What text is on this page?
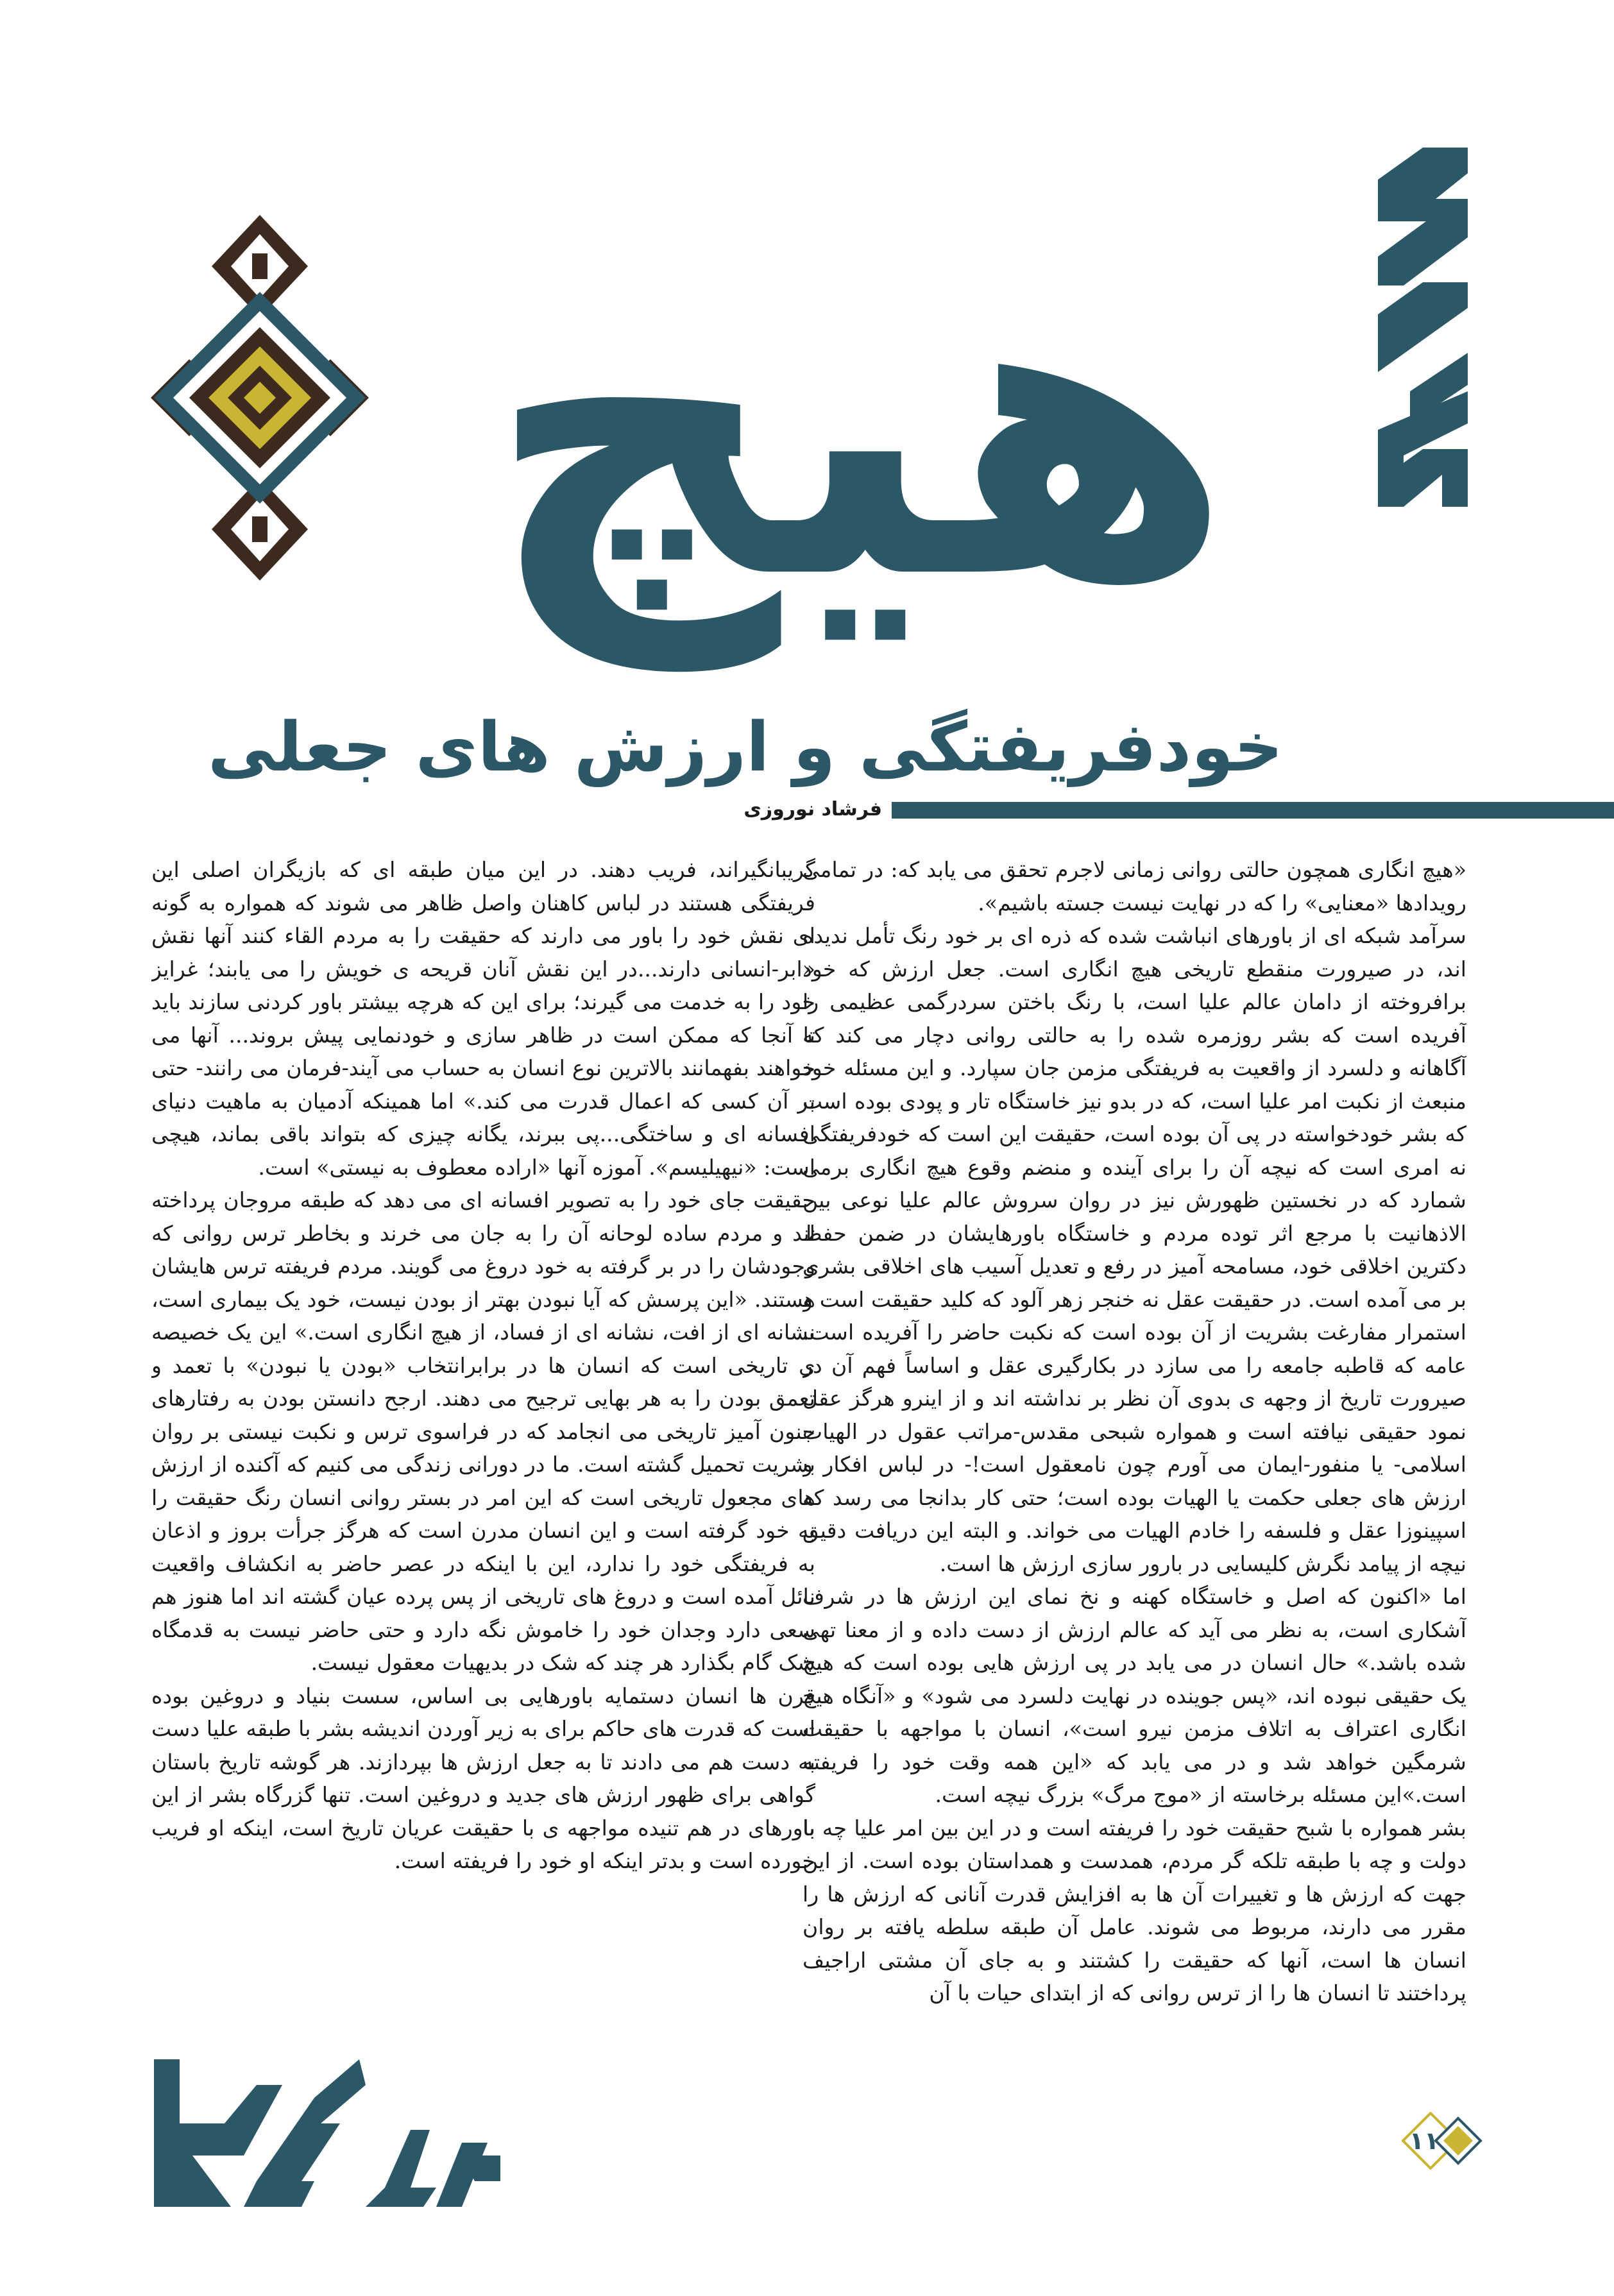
هیچ
خودفریفتگی و ارزش های جعلی
فرشاد نوروزی

«هیچ انگاری همچون حالتی روانی زمانی لاجرم تحقق می یابد که: در تمامی رویدادها «معنایی» را که در نهایت نیست جسته باشیم».

سرآمد شبکه ای از باورهای انباشت شده که ذره ای بر خود رنگ تأمل ندیده اند، در صیرورت منقطع تاریخی هیچ انگاری است. جعل ارزش که خود برافروخته از دامان عالم علیا است، با رنگ باختن سردرگمی عظیمی را آفریده است که بشر روزمره شده را به حالتی روانی دچار می کند که آگاهانه و دلسرد از واقعیت به فریفتگی مزمن جان سپارد. و این مسئله خود منبعث از نکبت امر علیا است، که در بدو نیز خاستگاه تار و پودی بوده است که بشر خودخواسته در پی آن بوده است، حقیقت این است که خودفریفتگی نه امری است که نیچه آن را برای آینده و منضم وقوع هیچ انگاری برمی شمارد که در نخستین ظهورش نیز در روان سروش عالم علیا نوعی بین الاذهانیت با مرجع اثر توده مردم و خاستگاه باورهایشان در ضمن حفظ دکترین اخلاقی خود، مسامحه آمیز در رفع و تعدیل آسیب های اخلاقی بشری بر می آمده است. در حقیقت عقل نه خنجر زهر آلود که کلید حقیقت است و استمرار مفارغت بشریت از آن بوده است که نکبت حاضر را آفریده است. عامه که قاطبه جامعه را می سازد در بکارگیری عقل و اساساً فهم آن در صیرورت تاریخ از وجهه ی بدوی آن نظر بر نداشته اند و از اینرو هرگز عقل نمود حقیقی نیافته است و همواره شبحی مقدس-مراتب عقول در الهیات اسلامی- یا منفور-ایمان می آورم چون نامعقول است!- در لباس افکار و ارزش های جعلی حکمت یا الهیات بوده است؛ حتی کار بدانجا می رسد که اسپینوزا عقل و فلسفه را خادم الهیات می خواند. و البته این دریافت دقیق نیچه از پیامد نگرش کلیسایی در بارور سازی ارزش ها است.

اما «اکنون که اصل و خاستگاه کهنه و نخ نمای این ارزش ها در شرف آشکاری است، به نظر می آید که عالم ارزش از دست داده و از معنا تهی شده باشد.» حال انسان در می یابد در پی ارزش هایی بوده است که هیچ یک حقیقی نبوده اند، «پس جوینده در نهایت دلسرد می شود» و «آنگاه هیچ انگاری اعتراف به اتلاف مزمن نیرو است»، انسان با مواجهه با حقیقت شرمگین خواهد شد و در می یابد که «این همه وقت خود را فریفته است.»این مسئله برخاسته از «موج مرگ» بزرگ نیچه است.

بشر همواره با شبح حقیقت خود را فریفته است و در این بین امر علیا چه با دولت و چه با طبقه تلکه گر مردم، همدست و همداستان بوده است. از این جهت که ارزش ها و تغییرات آن ها به افزایش قدرت آنانی که ارزش ها را مقرر می دارند، مربوط می شوند. عامل آن طبقه سلطه یافته بر روان انسان ها است، آنها که حقیقت را کشتند و به جای آن مشتی اراجیف پرداختند تا انسان ها را از ترس روانی که از ابتدای حیات با آن

گریبانگیراند، فریب دهند. در این میان طبقه ای که بازیگران اصلی این فریفتگی هستند در لباس کاهنان واصل ظاهر می شوند که همواره به گونه ای نقش خود را باور می دارند که حقیقت را به مردم القاء کنند آنها نقش «ابر-انسانی دارند...در این نقش آنان قریحه ی خویش را می یابند؛ غرایز خود را به خدمت می گیرند؛ برای این که هرچه بیشتر باور کردنی سازند باید تا آنجا که ممکن است در ظاهر سازی و خودنمایی پیش بروند... آنها می خواهند بفهمانند بالاترین نوع انسان به حساب می آیند-فرمان می رانند- حتی بر آن کسی که اعمال قدرت می کند.» اما همینکه آدمیان به ماهیت دنیای افسانه ای و ساختگی...پی ببرند، یگانه چیزی که بتواند باقی بماند، هیچی است: «نیهیلیسم». آموزه آنها «اراده معطوف به نیستی» است.

حقیقت جای خود را به تصویر افسانه ای می دهد که طبقه مروجان پرداخته اند و مردم ساده لوحانه آن را به جان می خرند و بخاطر ترس روانی که وجودشان را در بر گرفته به خود دروغ می گویند. مردم فریفته ترس هایشان هستند. «این پرسش که آیا نبودن بهتر از بودن نیست، خود یک بیماری است، نشانه ای از افت، نشانه ای از فساد، از هیچ انگاری است.» این یک خصیصه ی تاریخی است که انسان ها در برابرانتخاب «بودن یا نبودن» با تعمد و تعمق بودن را به هر بهایی ترجیح می دهند. ارجح دانستن بودن به رفتارهای جنون آمیز تاریخی می انجامد که در فراسوی ترس و نکبت نیستی بر روان بشریت تحمیل گشته است. ما در دورانی زندگی می کنیم که آکنده از ارزش های مجعول تاریخی است که این امر در بستر روانی انسان رنگ حقیقت را به خود گرفته است و این انسان مدرن است که هرگز جرأت بروز و اذعان به فریفتگی خود را ندارد، این با اینکه در عصر حاضر به انکشاف واقعیت نائل آمده است و دروغ های تاریخی از پس پرده عیان گشته اند اما هنوز هم سعی دارد وجدان خود را خاموش نگه دارد و حتی حاضر نیست به قدمگاه شک گام بگذارد هر چند که شک در بدیهیات معقول نیست.

قرن ها انسان دستمایه باورهایی بی اساس، سست بنیاد و دروغین بوده است که قدرت های حاکم برای به زیر آوردن اندیشه بشر با طبقه علیا دست به دست هم می دادند تا به جعل ارزش ها بپردازند. هر گوشه تاریخ باستان گواهی برای ظهور ارزش های جدید و دروغین است. تنها گزرگاه بشر از این باورهای در هم تنیده مواجهه ی با حقیقت عریان تاریخ است، اینکه او فریب خورده است و بدتر اینکه او خود را فریفته است.

۱۱
